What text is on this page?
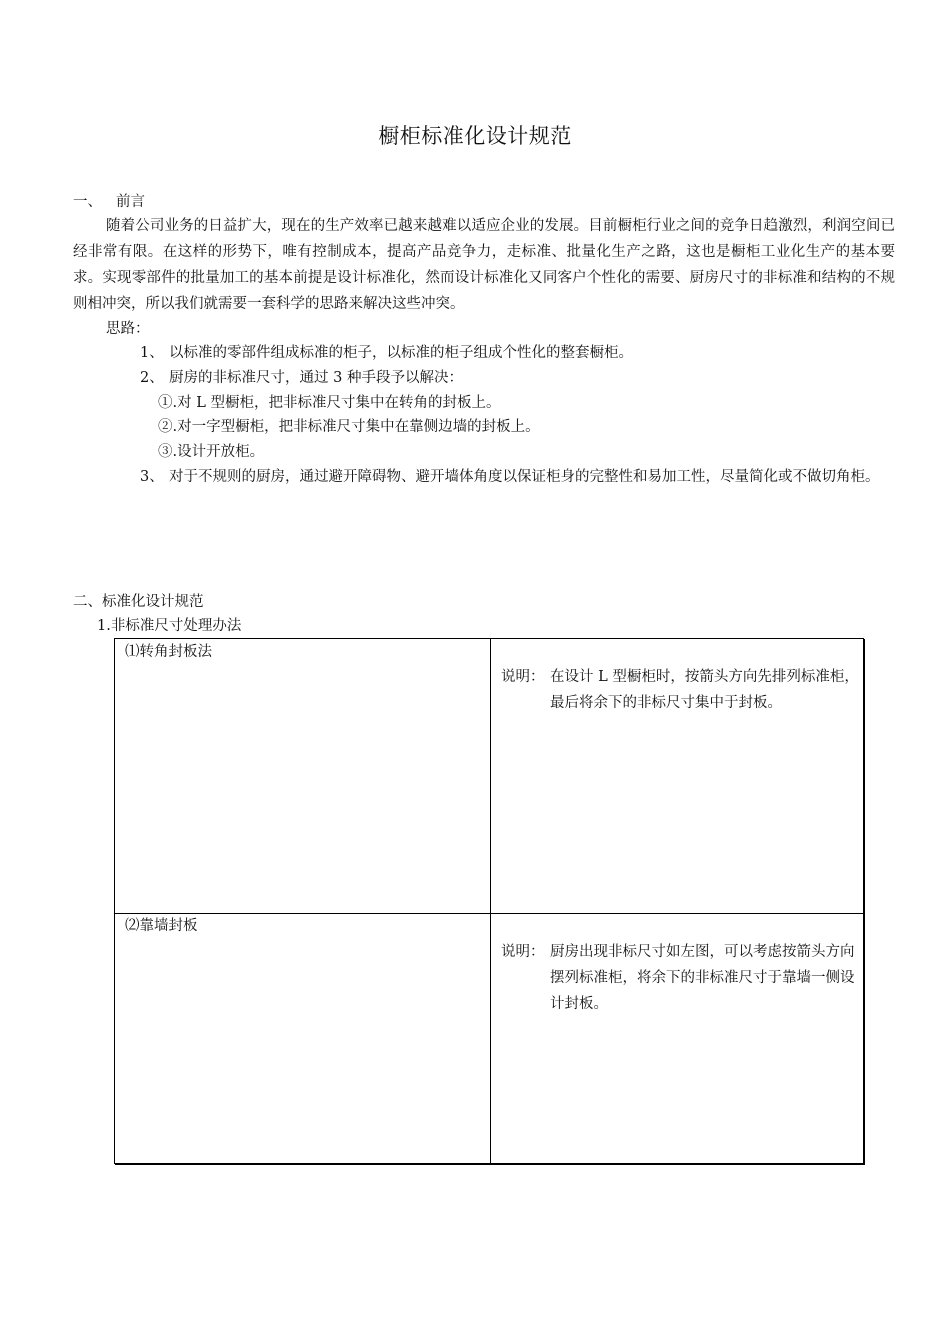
橱柜标准化设计规范
一、 前言
随着公司业务的日益扩大，现在的生产效率已越来越难以适应企业的发展。目前橱柜行业之间的竞争日趋激烈，利润空间已经非常有限。在这样的形势下，唯有控制成本，提高产品竞争力，走标准、批量化生产之路，这也是橱柜工业化生产的基本要求。实现零部件的批量加工的基本前提是设计标准化，然而设计标准化又同客户个性化的需要、厨房尺寸的非标准和结构的不规则相冲突，所以我们就需要一套科学的思路来解决这些冲突。
思路：
1、 以标准的零部件组成标准的柜子，以标准的柜子组成个性化的整套橱柜。
2、 厨房的非标准尺寸，通过 3 种手段予以解决：
①.对 L 型橱柜，把非标准尺寸集中在转角的封板上。
②.对一字型橱柜，把非标准尺寸集中在靠侧边墙的封板上。
③.设计开放柜。
3、 对于不规则的厨房，通过避开障碍物、避开墙体角度以保证柜身的完整性和易加工性，尽量简化或不做切角柜。
二、标准化设计规范
1.非标准尺寸处理办法
⑴转角封板法
说明： 在设计 L 型橱柜时，按箭头方向先排列标准柜，最后将余下的非标尺寸集中于封板。
⑵靠墙封板
说明： 厨房出现非标尺寸如左图，可以考虑按箭头方向摆列标准柜，将余下的非标准尺寸于靠墙一侧设计封板。
